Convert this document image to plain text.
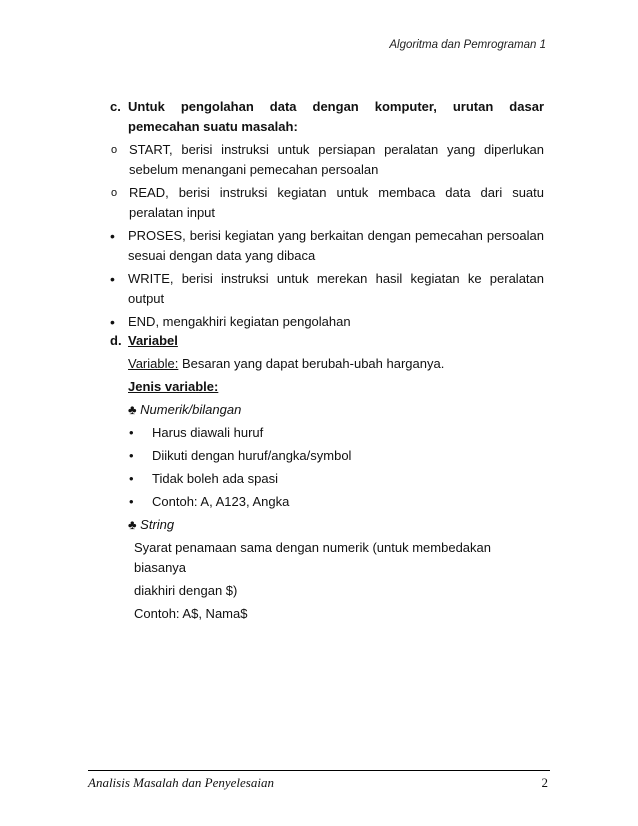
Algoritma dan Pemrograman 1
c. Untuk pengolahan data dengan komputer, urutan dasar pemecahan suatu masalah:
o START, berisi instruksi untuk persiapan peralatan yang diperlukan sebelum menangani pemecahan persoalan
o READ, berisi instruksi kegiatan untuk membaca data dari suatu peralatan input
•	PROSES, berisi kegiatan yang berkaitan dengan pemecahan persoalan sesuai dengan data yang dibaca
•	WRITE, berisi instruksi untuk merekan hasil kegiatan ke peralatan output
•	END, mengakhiri kegiatan pengolahan
d. Variabel
Variable: Besaran yang dapat berubah-ubah harganya.
Jenis variable:
♣ Numerik/bilangan
•	Harus diawali huruf
•	Diikuti dengan huruf/angka/symbol
•	Tidak boleh ada spasi
•	Contoh: A, A123, Angka
♣ String
Syarat penamaan sama dengan numerik (untuk membedakan biasanya
diakhiri dengan $)
Contoh: A$, Nama$
Analisis Masalah dan Penyelesaian	2
